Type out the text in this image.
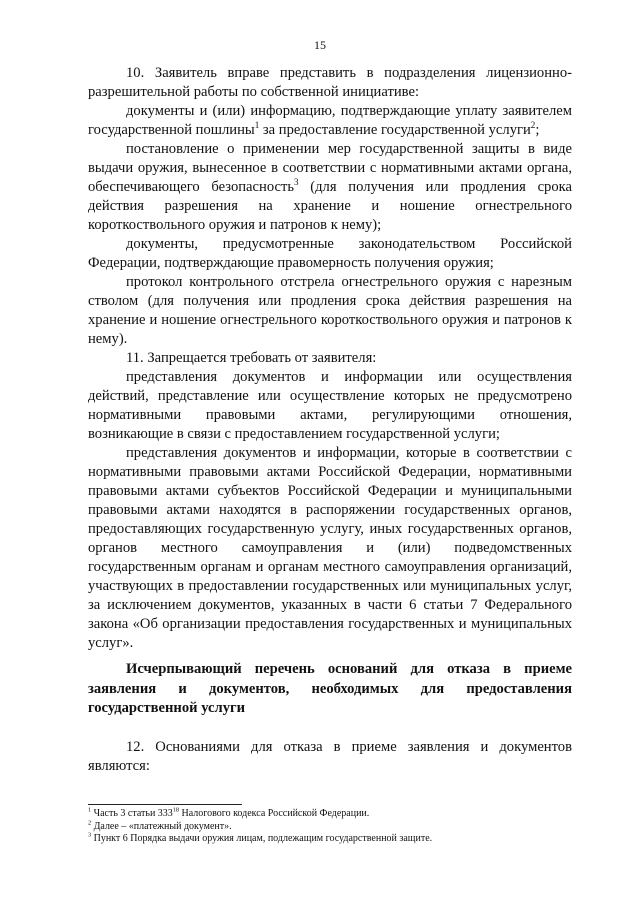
15

10. Заявитель вправе представить в подразделения лицензионно-разрешительной работы по собственной инициативе:

документы и (или) информацию, подтверждающие уплату заявителем государственной пошлины$^1$ за предоставление государственной услуги$^2$;

постановление о применении мер государственной защиты в виде выдачи оружия, вынесенное в соответствии с нормативными актами органа, обеспечивающего безопасность$^3$ (для получения или продления срока действия разрешения на хранение и ношение огнестрельного короткоствольного оружия и патронов к нему);

документы, предусмотренные законодательством Российской Федерации, подтверждающие правомерность получения оружия;

протокол контрольного отстрела огнестрельного оружия с нарезным стволом (для получения или продления срока действия разрешения на хранение и ношение огнестрельного короткоствольного оружия и патронов к нему).

11. Запрещается требовать от заявителя:

представления документов и информации или осуществления действий, представление или осуществление которых не предусмотрено нормативными правовыми актами, регулирующими отношения, возникающие в связи с предоставлением государственной услуги;

представления документов и информации, которые в соответствии с нормативными правовыми актами Российской Федерации, нормативными правовыми актами субъектов Российской Федерации и муниципальными правовыми актами находятся в распоряжении государственных органов, предоставляющих государственную услугу, иных государственных органов, органов местного самоуправления и (или) подведомственных государственным органам и органам местного самоуправления организаций, участвующих в предоставлении государственных или муниципальных услуг, за исключением документов, указанных в части 6 статьи 7 Федерального закона «Об организации предоставления государственных и муниципальных услуг».

Исчерпывающий перечень оснований для отказа в приеме заявления и документов, необходимых для предоставления государственной услуги

12. Основаниями для отказа в приеме заявления и документов являются:

$^1$ Часть 3 статьи $333^{18}$ Налогового кодекса Российской Федерации.

$^2$ Далее – «платежный документ».

$^3$ Пункт 6 Порядка выдачи оружия лицам, подлежащим государственной защите.
